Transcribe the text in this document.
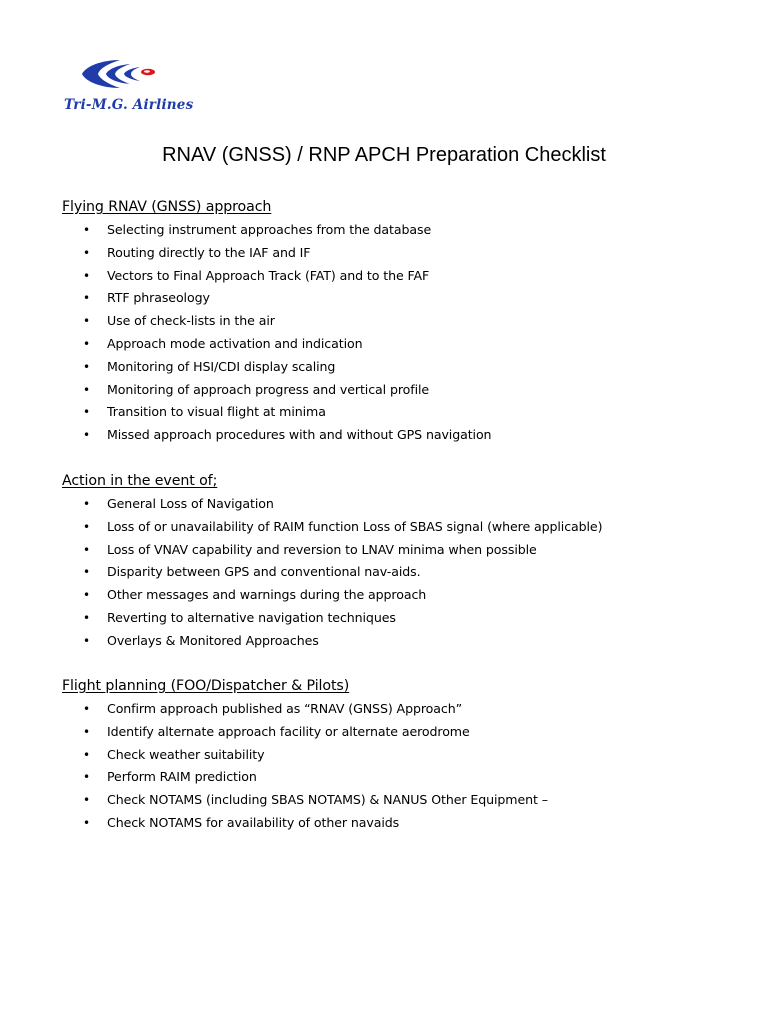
Tri-M.G. Airlines
RNAV (GNSS) / RNP APCH Preparation Checklist
Flying RNAV (GNSS) approach
• Selecting instrument approaches from the database
• Routing directly to the IAF and IF
• Vectors to Final Approach Track (FAT) and to the FAF
• RTF phraseology
• Use of check-lists in the air
• Approach mode activation and indication
• Monitoring of HSI/CDI display scaling
• Monitoring of approach progress and vertical profile
• Transition to visual flight at minima
• Missed approach procedures with and without GPS navigation
Action in the event of;
• General Loss of Navigation
• Loss of or unavailability of RAIM function Loss of SBAS signal (where applicable)
• Loss of VNAV capability and reversion to LNAV minima when possible
• Disparity between GPS and conventional nav-aids.
• Other messages and warnings during the approach
• Reverting to alternative navigation techniques
• Overlays & Monitored Approaches
Flight planning (FOO/Dispatcher & Pilots)
• Confirm approach published as “RNAV (GNSS) Approach”
• Identify alternate approach facility or alternate aerodrome
• Check weather suitability
• Perform RAIM prediction
• Check NOTAMS (including SBAS NOTAMS) & NANUS Other Equipment –
• Check NOTAMS for availability of other navaids
